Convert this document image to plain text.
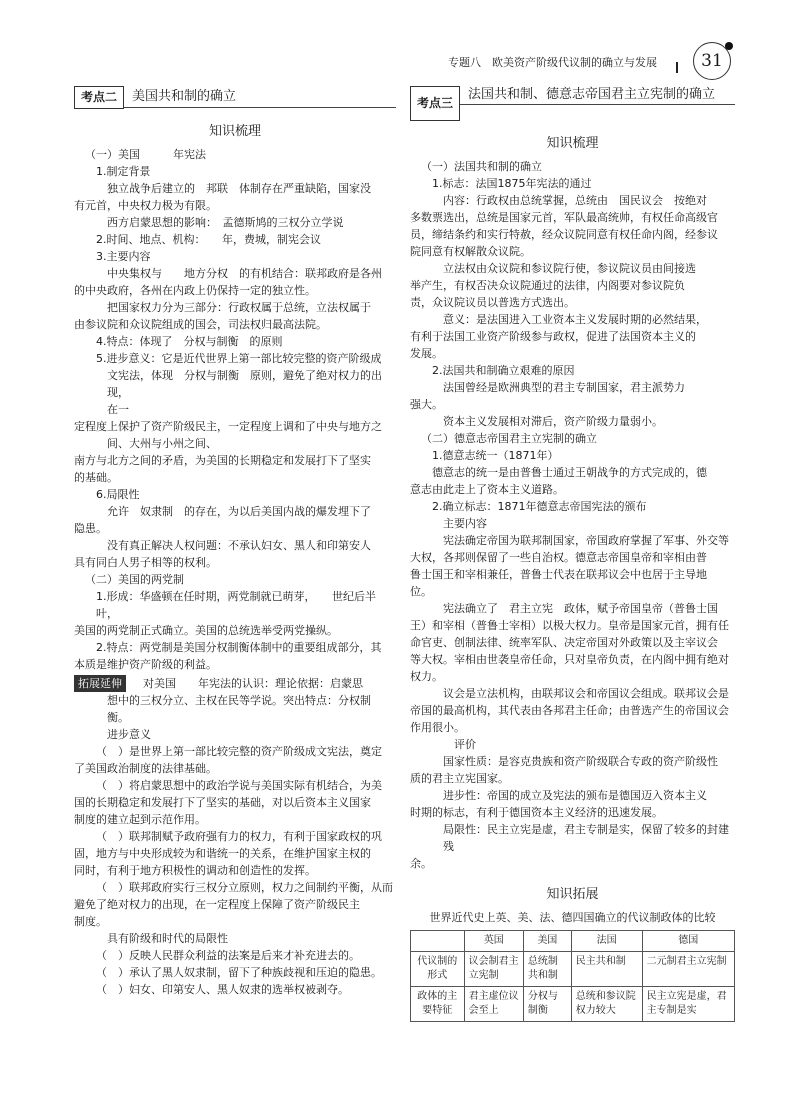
专题八　欧美资产阶级代议制的确立与发展	31
考点二	美国共和制的确立
知识梳理

（一）美国　　　年宪法

1.制定背景

独立战争后建立的　邦联　体制存在严重缺陷，国家没

有元首，中央权力极为有限。

西方启蒙思想的影响：　孟德斯鸠的三权分立学说

2.时间、地点、机构：　　年，费城，制宪会议

3.主要内容

中央集权与　　地方分权　的有机结合：联邦政府是各州

的中央政府，各州在内政上仍保持一定的独立性。

把国家权力分为三部分：行政权属于总统，立法权属于

由参议院和众议院组成的国会，司法权归最高法院。

4.特点：体现了　分权与制衡　的原则

5.进步意义：它是近代世界上第一部比较完整的资产阶级成

文宪法，体现　分权与制衡　原则，避免了绝对权力的出现，

在一

定程度上保护了资产阶级民主，一定程度上调和了中央与地方之

间、大州与小州之间、

南方与北方之间的矛盾，为美国的长期稳定和发展打下了坚实

的基础。

6.局限性

允许　奴隶制　的存在，为以后美国内战的爆发埋下了

隐患。

没有真正解决人权问题：不承认妇女、黑人和印第安人

具有同白人男子相等的权利。

（二）美国的两党制

1.形成：华盛顿在任时期，两党制就已萌芽，　　世纪后半叶，

美国的两党制正式确立。美国的总统选举受两党操纵。

2.特点：两党制是美国分权制衡体制中的重要组成部分，其

本质是维护资产阶级的利益。

拓展延伸　对美国　　年宪法的认识：理论依据：启蒙思

想中的三权分立、主权在民等学说。突出特点：分权制

衡。

进步意义

（　）是世界上第一部比较完整的资产阶级成文宪法，奠定

了美国政治制度的法律基础。

（　）将启蒙思想中的政治学说与美国实际有机结合，为美

国的长期稳定和发展打下了坚实的基础，对以后资本主义国家

制度的建立起到示范作用。

（　）联邦制赋予政府强有力的权力，有利于国家政权的巩

固，地方与中央形成较为和谐统一的关系，在维护国家主权的

同时，有利于地方积极性的调动和创造性的发挥。

（　）联邦政府实行三权分立原则，权力之间制约平衡，从而

避免了绝对权力的出现，在一定程度上保障了资产阶级民主

制度。

具有阶级和时代的局限性

（　）反映人民群众利益的法案是后来才补充进去的。

（　）承认了黑人奴隶制，留下了种族歧视和压迫的隐患。

（　）妇女、印第安人、黑人奴隶的选举权被剥夺。

考点三
法国共和制、德意志帝国君主立宪制的确立
知识梳理

（一）法国共和制的确立

1.标志：法国1875年宪法的通过

内容：行政权由总统掌握，总统由　国民议会　按绝对

多数票选出，总统是国家元首，军队最高统帅，有权任命高级官

员，缔结条约和实行特赦，经众议院同意有权任命内阁，经参议

院同意有权解散众议院。

立法权由众议院和参议院行使，参议院议员由间接选

举产生，有权否决众议院通过的法律，内阁要对参议院负

责，众议院议员以普选方式选出。

意义：是法国进入工业资本主义发展时期的必然结果，

有利于法国工业资产阶级参与政权，促进了法国资本主义的

发展。

2.法国共和制确立艰难的原因

法国曾经是欧洲典型的君主专制国家，君主派势力

强大。

资本主义发展相对滞后，资产阶级力量弱小。

（二）德意志帝国君主立宪制的确立

1.德意志统一（1871年）

德意志的统一是由普鲁士通过王朝战争的方式完成的，德

意志由此走上了资本主义道路。

2.确立标志：1871年德意志帝国宪法的颁布

主要内容

宪法确定帝国为联邦制国家，帝国政府掌握了军事、外交等

大权，各邦则保留了一些自治权。德意志帝国皇帝和宰相由普

鲁士国王和宰相兼任，普鲁士代表在联邦议会中也居于主导地

位。

宪法确立了　君主立宪　政体，赋予帝国皇帝（普鲁士国

王）和宰相（普鲁士宰相）以极大权力。皇帝是国家元首，拥有任

命官吏、创制法律、统率军队、决定帝国对外政策以及主宰议会

等大权。宰相由世袭皇帝任命，只对皇帝负责，在内阁中拥有绝对

权力。

议会是立法机构，由联邦议会和帝国议会组成。联邦议会是

帝国的最高机构，其代表由各邦君主任命；由普选产生的帝国议会

作用很小。

　评价

国家性质：是容克贵族和资产阶级联合专政的资产阶级性

质的君主立宪国家。

进步性：帝国的成立及宪法的颁布是德国迈入资本主义

时期的标志，有利于德国资本主义经济的迅速发展。

局限性：民主立宪是虚，君主专制是实，保留了较多的封建残

余。

知识拓展
世界近代史上英、美、法、德四国确立的代议制政体的比较
	英国	美国	法国	德国
代议制的形式	议会制君主立宪制	总统制共和制	民主共和制	二元制君主立宪制
政体的主要特征	君主虚位议会至上	分权与制衡	总统和参议院权力较大	民主立宪是虚，君主专制是实
